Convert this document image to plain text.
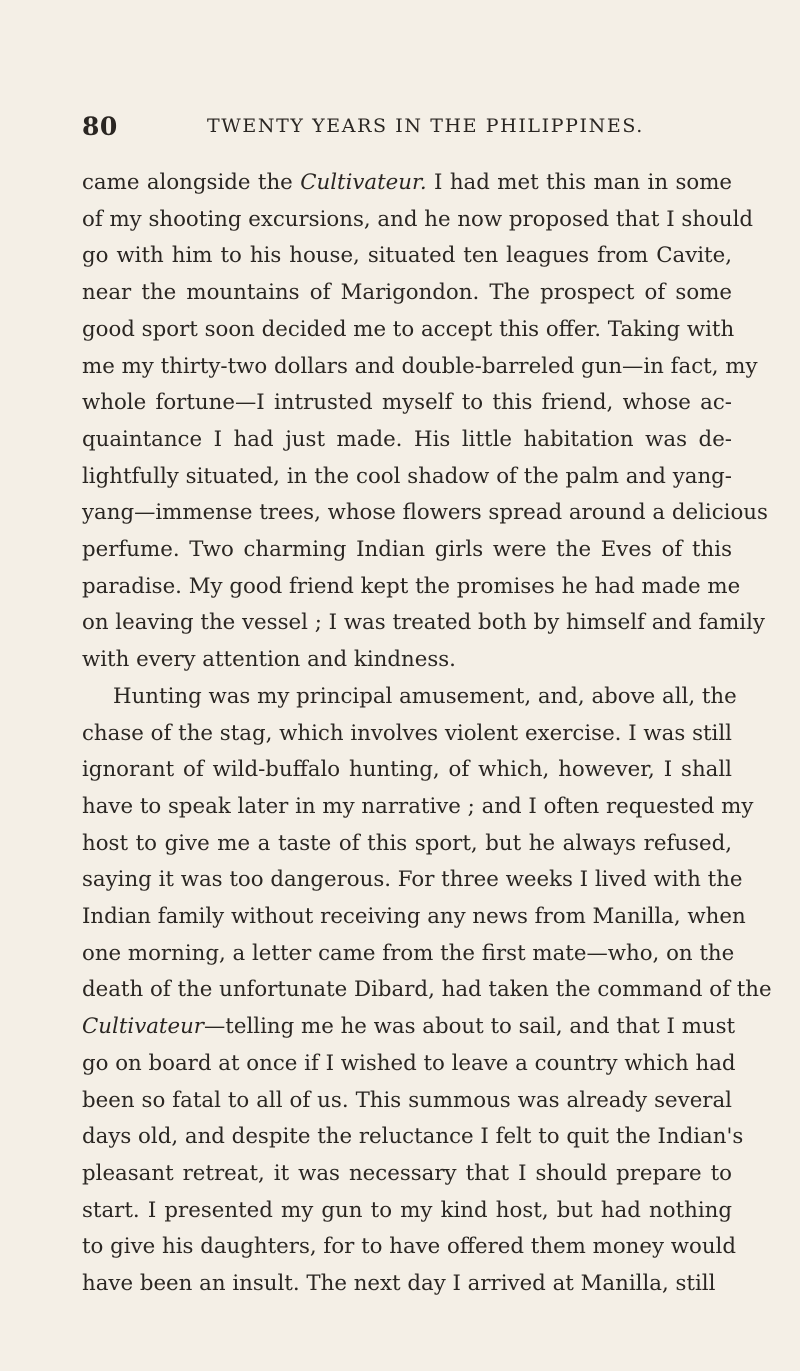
80	TWENTY YEARS IN THE PHILIPPINES.

came alongside the Cultivateur. I had met this man in some
of my shooting excursions, and he now proposed that I should
go with him to his house, situated ten leagues from Cavite,
near the mountains of Marigondon. The prospect of some
good sport soon decided me to accept this offer. Taking with
me my thirty-two dollars and double-barreled gun—in fact, my
whole fortune—I intrusted myself to this friend, whose ac-
quaintance I had just made. His little habitation was de-
lightfully situated, in the cool shadow of the palm and yang-
yang—immense trees, whose flowers spread around a delicious
perfume. Two charming Indian girls were the Eves of this
paradise. My good friend kept the promises he had made me
on leaving the vessel ; I was treated both by himself and family
with every attention and kindness.

Hunting was my principal amusement, and, above all, the
chase of the stag, which involves violent exercise. I was still
ignorant of wild-buffalo hunting, of which, however, I shall
have to speak later in my narrative ; and I often requested my
host to give me a taste of this sport, but he always refused,
saying it was too dangerous. For three weeks I lived with the
Indian family without receiving any news from Manilla, when
one morning, a letter came from the first mate—who, on the
death of the unfortunate Dibard, had taken the command of the
Cultivateur—telling me he was about to sail, and that I must
go on board at once if I wished to leave a country which had
been so fatal to all of us. This summous was already several
days old, and despite the reluctance I felt to quit the Indian's
pleasant retreat, it was necessary that I should prepare to
start. I presented my gun to my kind host, but had nothing
to give his daughters, for to have offered them money would
have been an insult. The next day I arrived at Manilla, still
